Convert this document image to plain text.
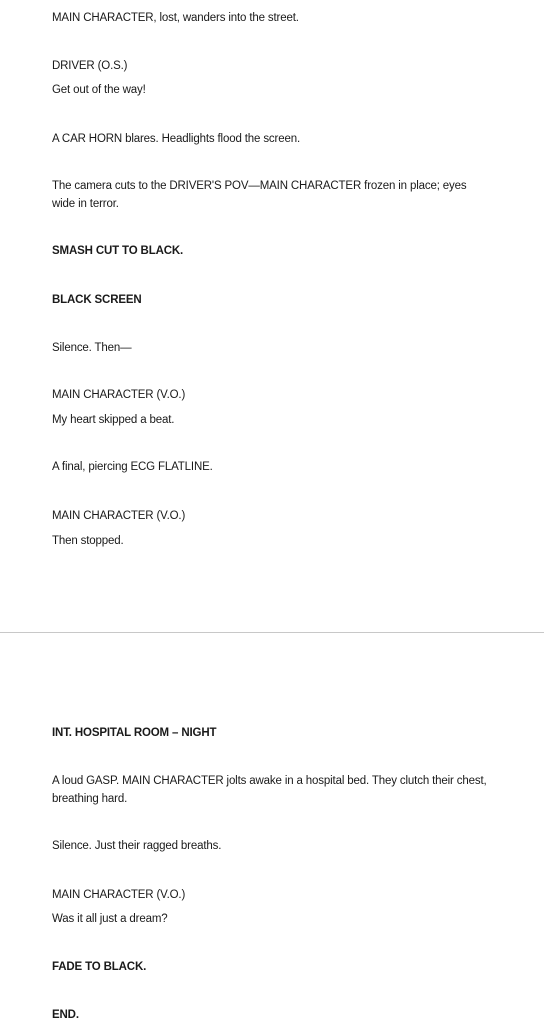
MAIN CHARACTER, lost, wanders into the street.

DRIVER (O.S.)

Get out of the way!

A CAR HORN blares. Headlights flood the screen.

The camera cuts to the DRIVER'S POV—MAIN CHARACTER frozen in place; eyes wide in terror.

SMASH CUT TO BLACK.

BLACK SCREEN

Silence. Then—

MAIN CHARACTER (V.O.)

My heart skipped a beat.

A final, piercing ECG FLATLINE.

MAIN CHARACTER (V.O.)

Then stopped.

INT. HOSPITAL ROOM – NIGHT

A loud GASP. MAIN CHARACTER jolts awake in a hospital bed. They clutch their chest, breathing hard.

Silence. Just their ragged breaths.

MAIN CHARACTER (V.O.)

Was it all just a dream?

FADE TO BLACK.

END.
